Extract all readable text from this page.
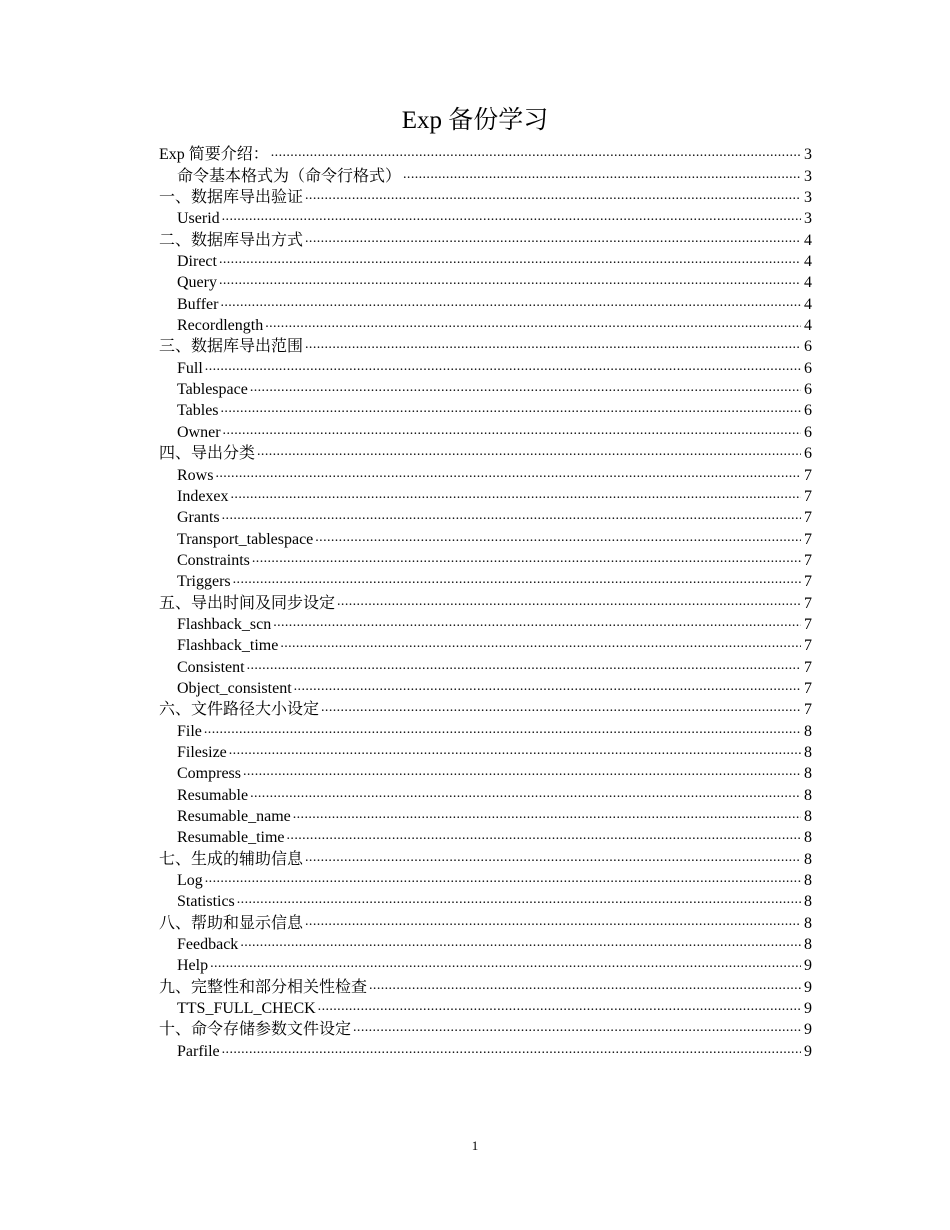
Exp 备份学习
Exp 简要介绍： .....	3
命令基本格式为（命令行格式） .....	3
一、数据库导出验证 .....	3
Userid .....	3
二、数据库导出方式 .....	4
Direct .....	4
Query .....	4
Buffer .....	4
Recordlength .....	4
三、数据库导出范围 .....	6
Full .....	6
Tablespace .....	6
Tables .....	6
Owner .....	6
四、导出分类 .....	6
Rows .....	7
Indexex .....	7
Grants .....	7
Transport_tablespace .....	7
Constraints .....	7
Triggers .....	7
五、导出时间及同步设定 .....	7
Flashback_scn .....	7
Flashback_time .....	7
Consistent .....	7
Object_consistent .....	7
六、文件路径大小设定 .....	7
File .....	8
Filesize .....	8
Compress .....	8
Resumable .....	8
Resumable_name .....	8
Resumable_time .....	8
七、生成的辅助信息 .....	8
Log .....	8
Statistics .....	8
八、帮助和显示信息 .....	8
Feedback .....	8
Help .....	9
九、完整性和部分相关性检查 .....	9
TTS_FULL_CHECK .....	9
十、命令存储参数文件设定 .....	9
Parfile .....	9
1
